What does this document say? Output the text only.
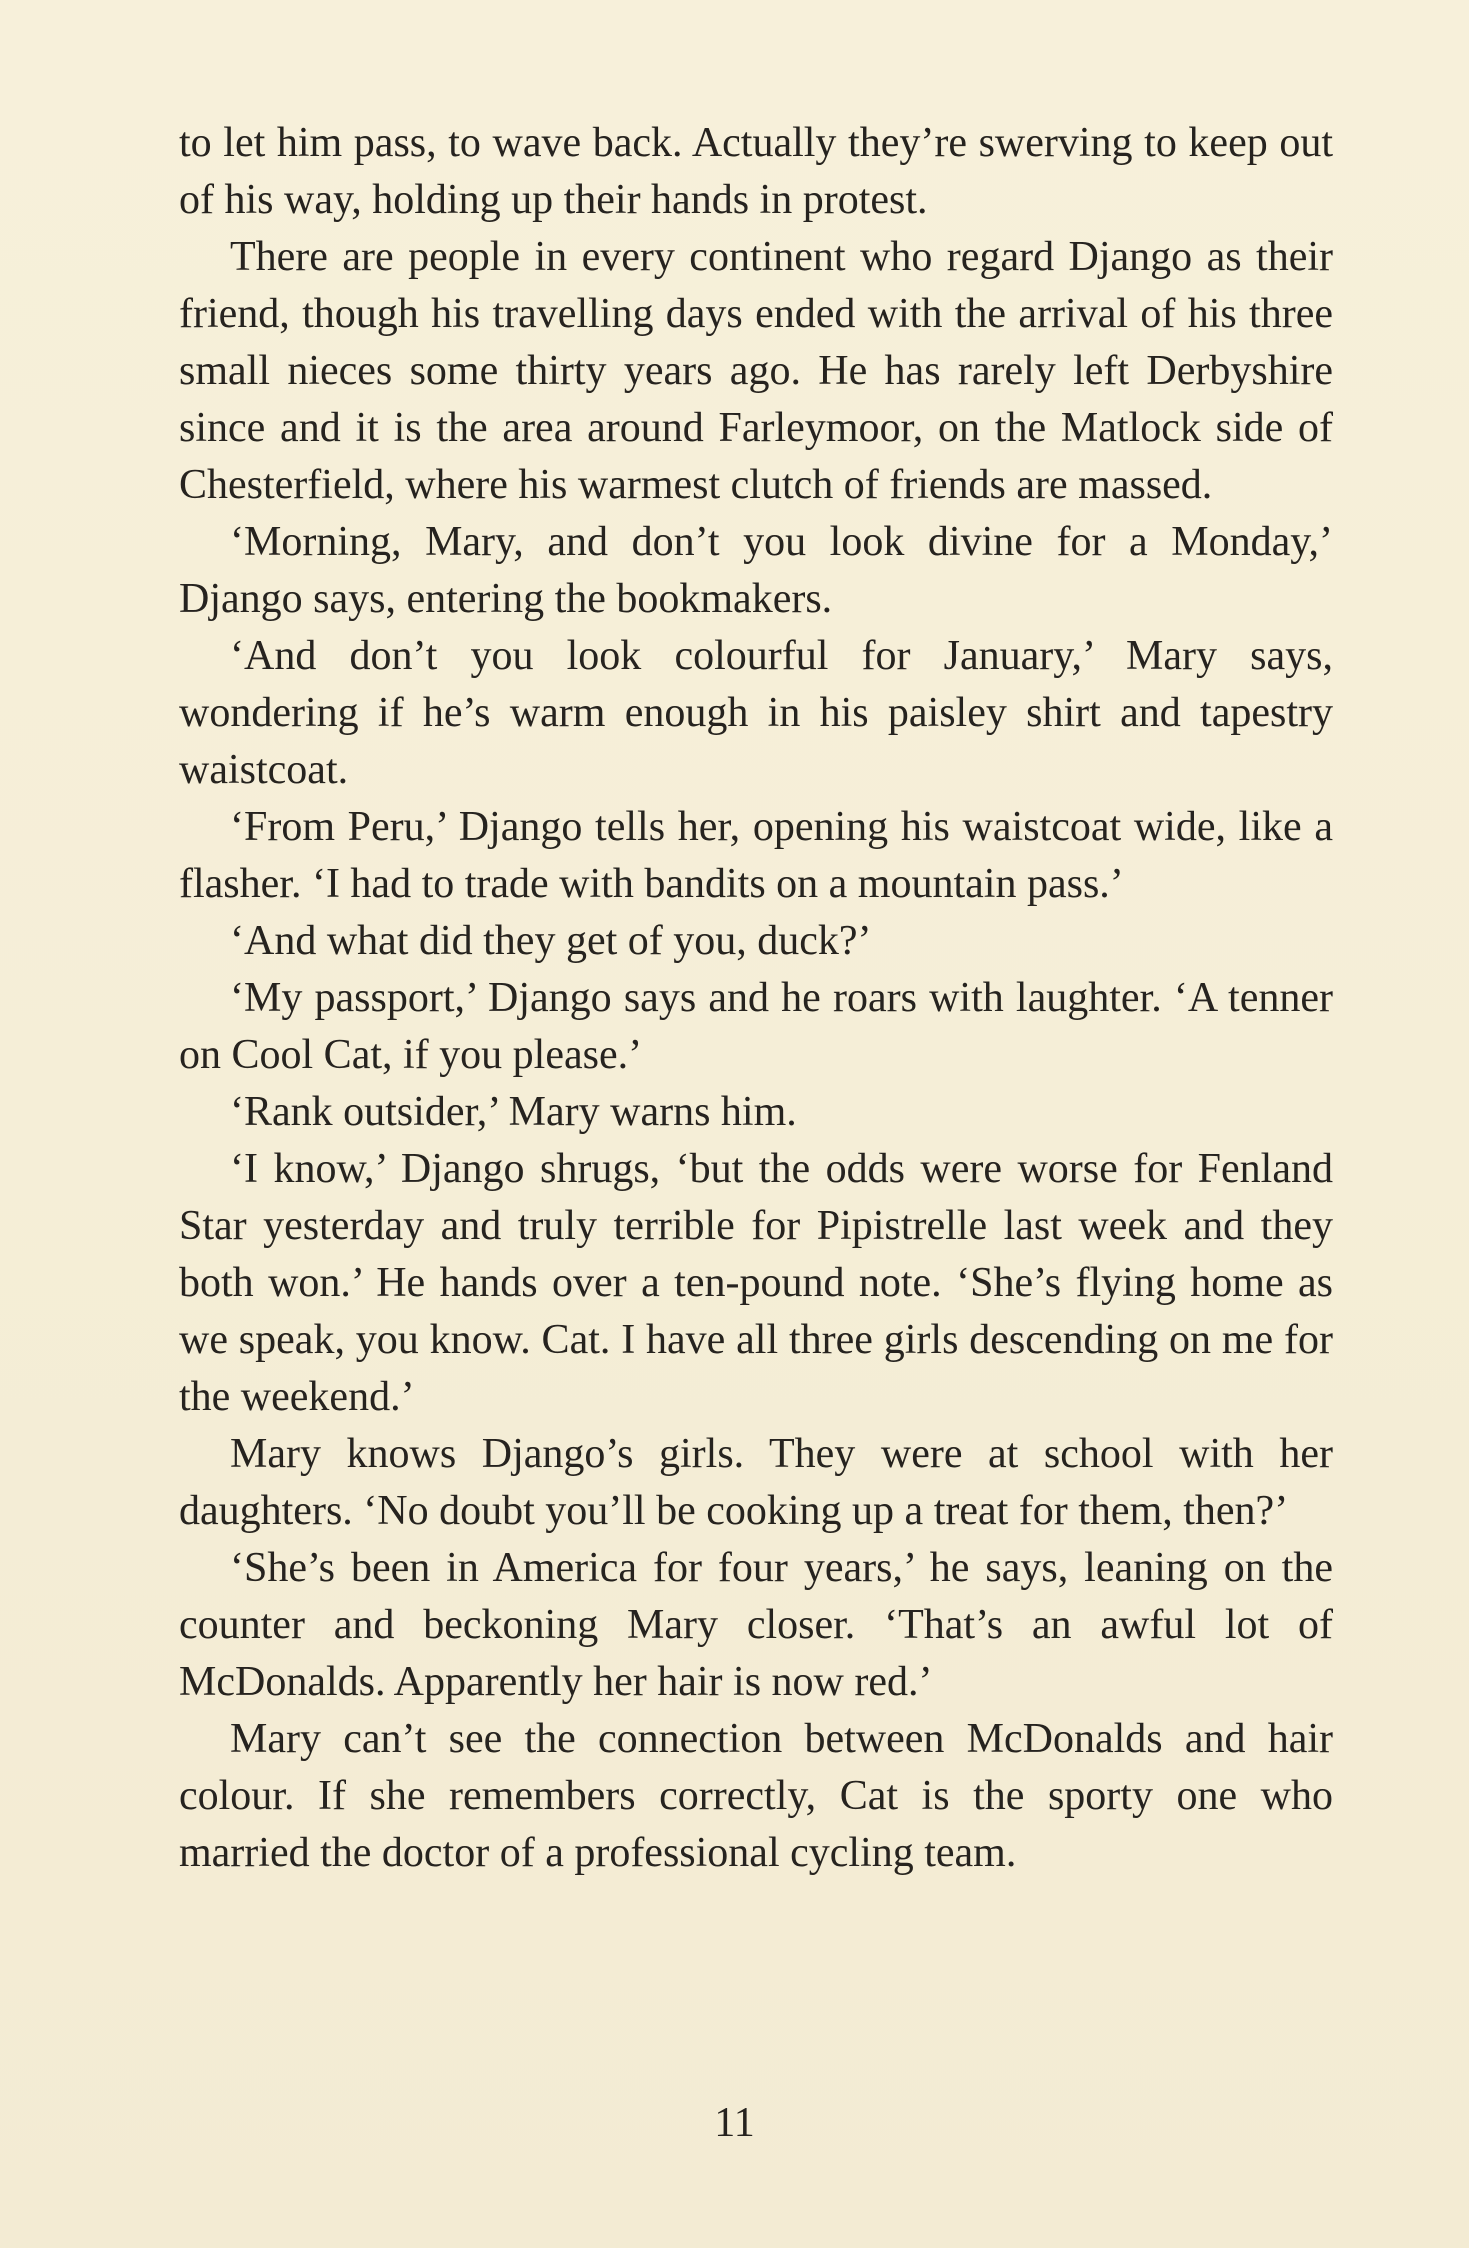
to let him pass, to wave back. Actually they’re swerving to keep out of his way, holding up their hands in protest.

There are people in every continent who regard Django as their friend, though his travelling days ended with the arrival of his three small nieces some thirty years ago. He has rarely left Derbyshire since and it is the area around Farleymoor, on the Matlock side of Chesterfield, where his warmest clutch of friends are massed.

‘Morning, Mary, and don’t you look divine for a Monday,’ Django says, entering the bookmakers.

‘And don’t you look colourful for January,’ Mary says, wondering if he’s warm enough in his paisley shirt and tapestry waistcoat.

‘From Peru,’ Django tells her, opening his waistcoat wide, like a flasher. ‘I had to trade with bandits on a mountain pass.’

‘And what did they get of you, duck?’

‘My passport,’ Django says and he roars with laughter. ‘A tenner on Cool Cat, if you please.’

‘Rank outsider,’ Mary warns him.

‘I know,’ Django shrugs, ‘but the odds were worse for Fenland Star yesterday and truly terrible for Pipistrelle last week and they both won.’ He hands over a ten-pound note. ‘She’s flying home as we speak, you know. Cat. I have all three girls descending on me for the weekend.’

Mary knows Django’s girls. They were at school with her daughters. ‘No doubt you’ll be cooking up a treat for them, then?’

‘She’s been in America for four years,’ he says, leaning on the counter and beckoning Mary closer. ‘That’s an awful lot of McDonalds. Apparently her hair is now red.’

Mary can’t see the connection between McDonalds and hair colour. If she remembers correctly, Cat is the sporty one who married the doctor of a professional cycling team.

11
